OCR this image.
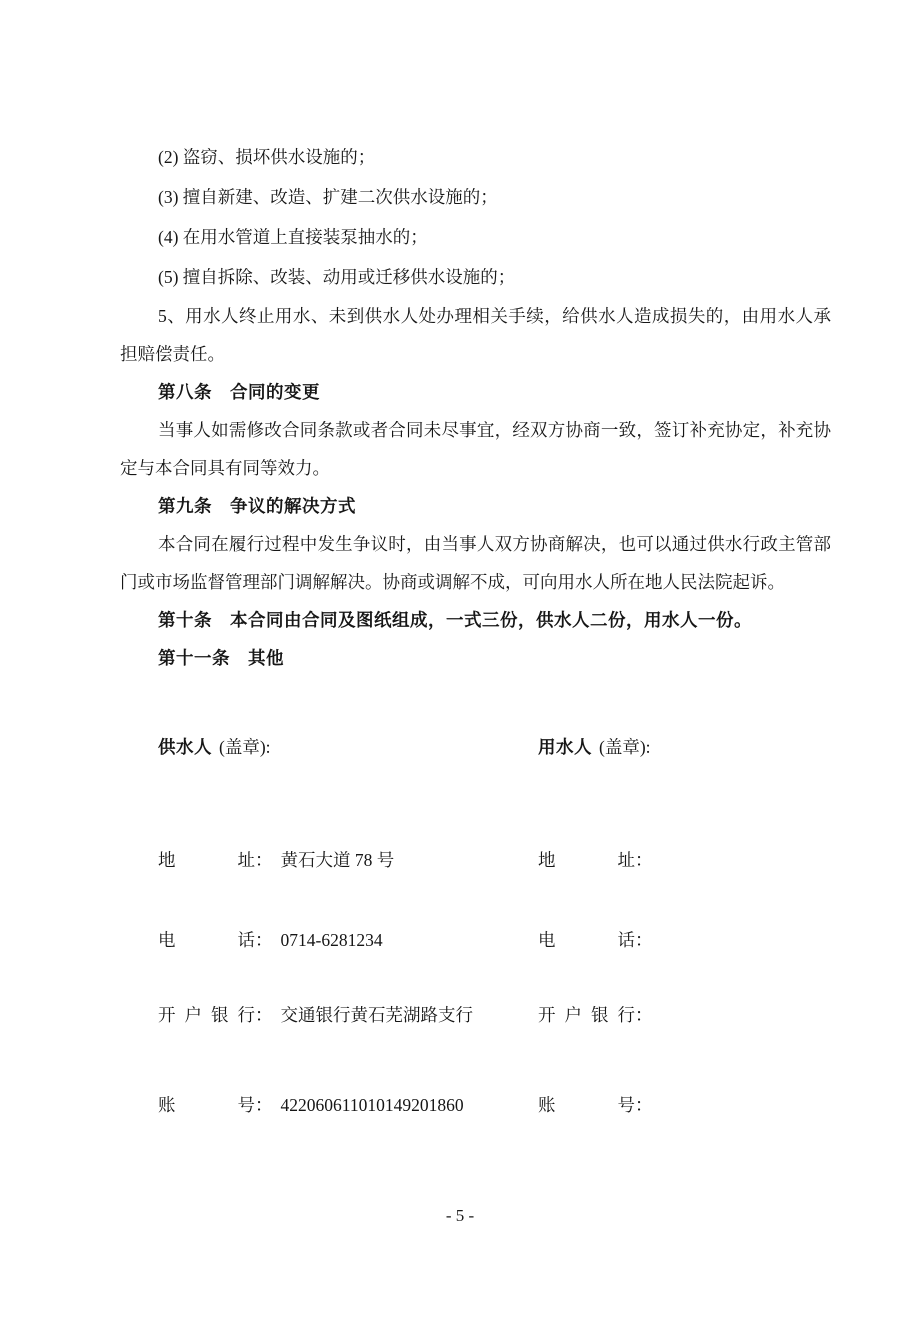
(2) 盗窃、损坏供水设施的；

(3) 擅自新建、改造、扩建二次供水设施的；

(4) 在用水管道上直接装泵抽水的；

(5) 擅自拆除、改装、动用或迁移供水设施的；

5、用水人终止用水、未到供水人处办理相关手续，给供水人造成损失的，由用水人承担赔偿责任。

第八条　合同的变更

当事人如需修改合同条款或者合同未尽事宜，经双方协商一致，签订补充协定，补充协定与本合同具有同等效力。

第九条　争议的解决方式

本合同在履行过程中发生争议时，由当事人双方协商解决，也可以通过供水行政主管部门或市场监督管理部门调解解决。协商或调解不成，可向用水人所在地人民法院起诉。

第十条　本合同由合同及图纸组成，一式三份，供水人二份，用水人一份。

第十一条　其他

供水人 (盖章):	用水人 (盖章):
地址： 黄石大道 78 号	地址：
电话： 0714-6281234	电话：
开户银行： 交通银行黄石芜湖路支行	开户银行：
账号： 422060611010149201860	账号：
- 5 -
